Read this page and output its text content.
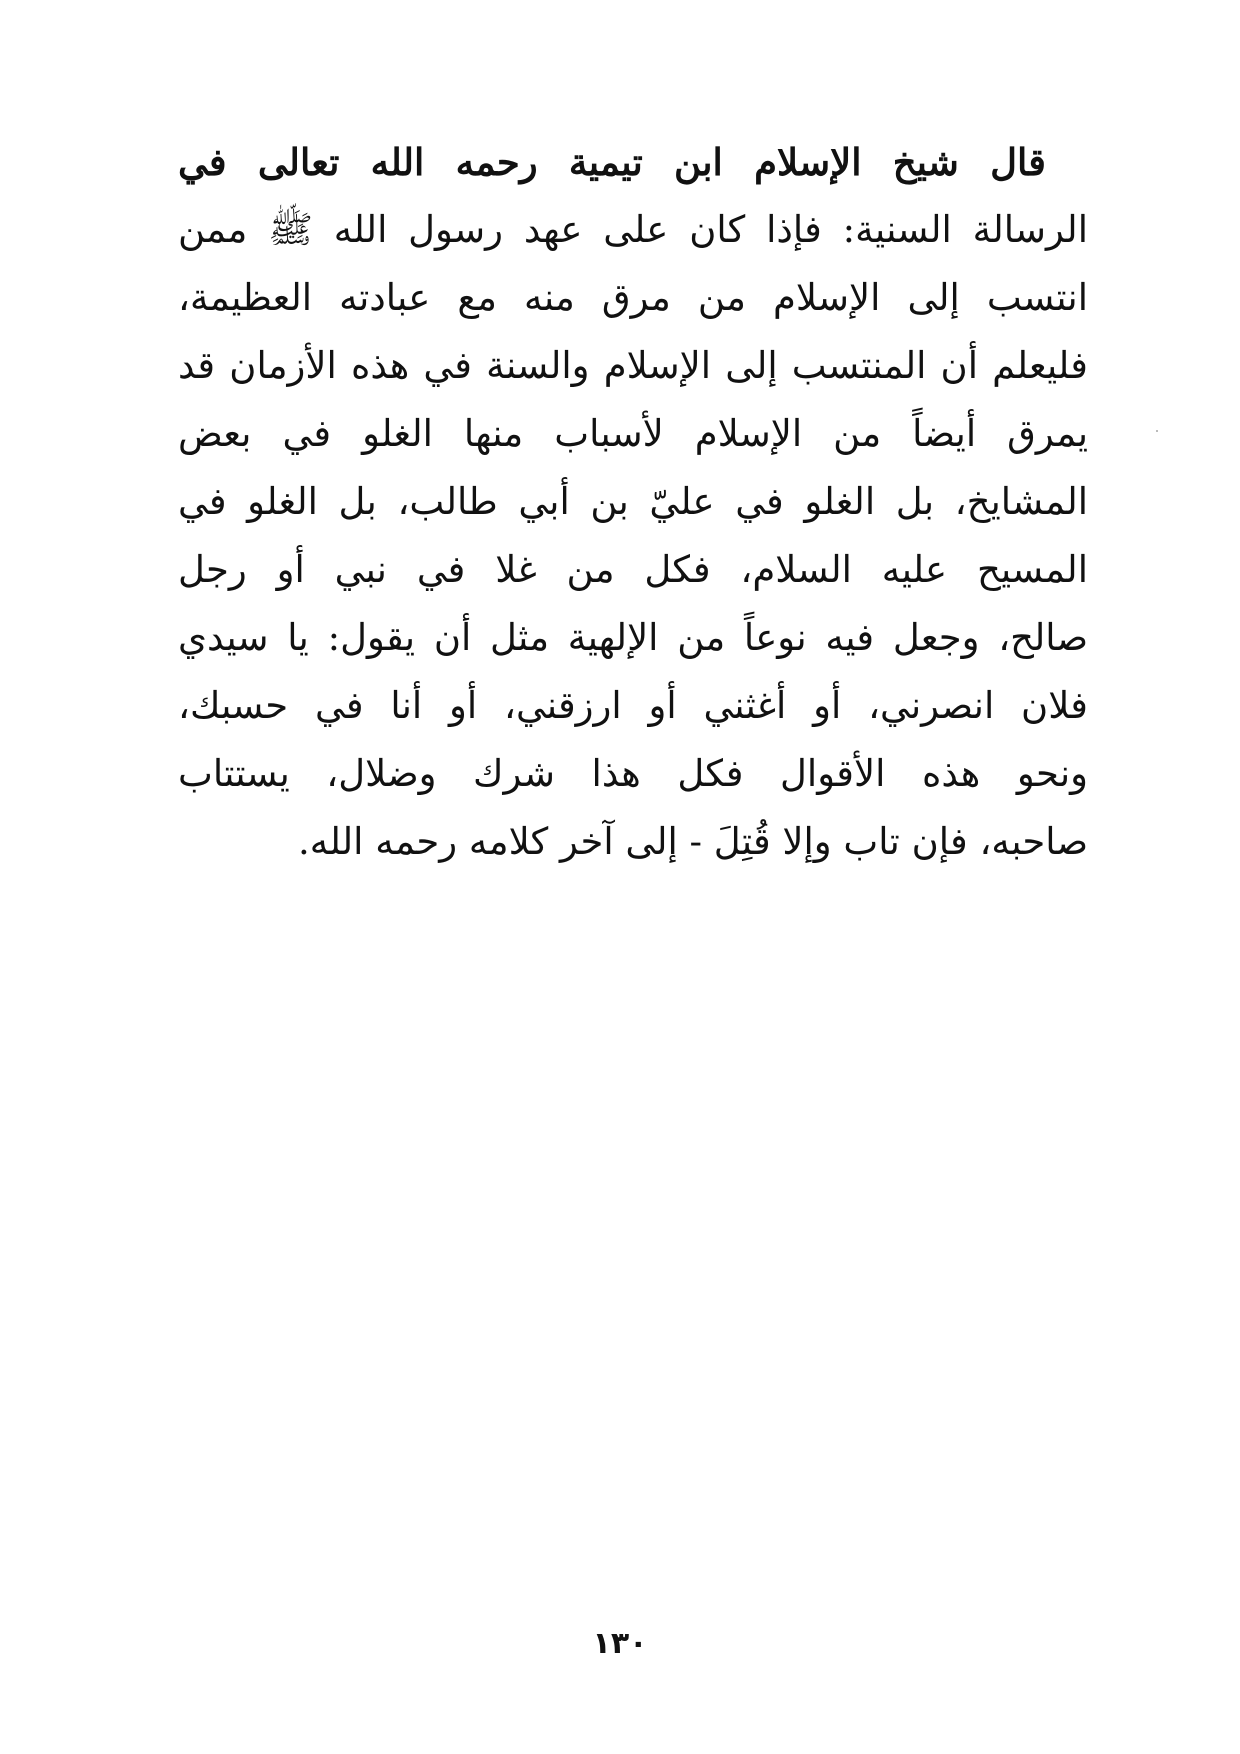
قال شيخ الإسلام ابن تيمية رحمه الله تعالى في
الرسالة السنية: فإذا كان على عهد رسول الله ﷺ ممن
انتسب إلى الإسلام من مرق منه مع عبادته العظيمة،
فليعلم أن المنتسب إلى الإسلام والسنة في هذه الأزمان قد
يمرق أيضاً من الإسلام لأسباب منها الغلو في بعض
المشايخ، بل الغلو في عليّ بن أبي طالب، بل الغلو في
المسيح عليه السلام، فكل من غلا في نبي أو رجل
صالح، وجعل فيه نوعاً من الإلهية مثل أن يقول: يا سيدي
فلان انصرني، أو أغثني أو ارزقني، أو أنا في حسبك،
ونحو هذه الأقوال فكل هذا شرك وضلال، يستتاب
صاحبه، فإن تاب وإلا قُتِلَ - إلى آخر كلامه رحمه الله.
١٣٠
